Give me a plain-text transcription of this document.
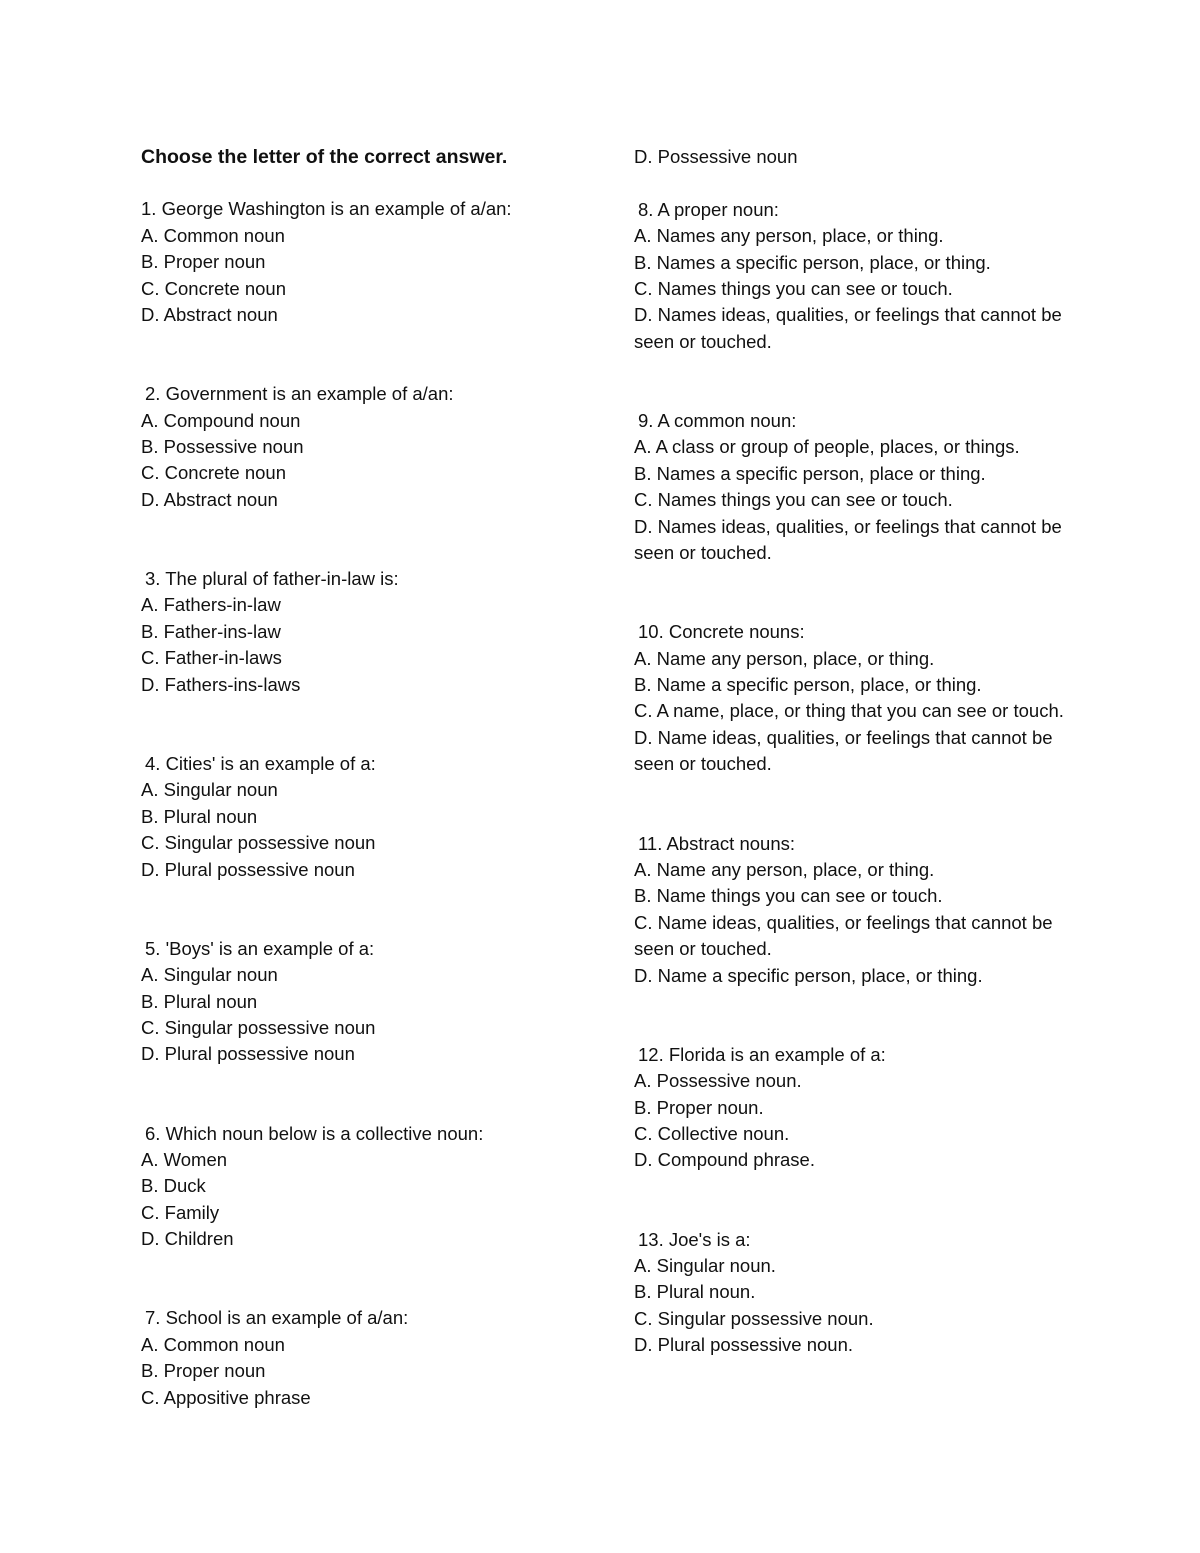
Choose the letter of the correct answer.

1. George Washington is an example of a/an:

A. Common noun

B. Proper noun

C. Concrete noun

D. Abstract noun

2. Government is an example of a/an:

A. Compound noun

B. Possessive noun

C. Concrete noun

D. Abstract noun

3. The plural of father-in-law is:

A. Fathers-in-law

B. Father-ins-law

C. Father-in-laws

D. Fathers-ins-laws

4. Cities' is an example of a:

A. Singular noun

B. Plural noun

C. Singular possessive noun

D. Plural possessive noun

5. 'Boys' is an example of a:

A. Singular noun

B. Plural noun

C. Singular possessive noun

D. Plural possessive noun

6. Which noun below is a collective noun:

A. Women

B. Duck

C. Family

D. Children

7. School is an example of a/an:

A. Common noun

B. Proper noun

C. Appositive phrase

D. Possessive noun

8. A proper noun:

A. Names any person, place, or thing.

B. Names a specific person, place, or thing.

C. Names things you can see or touch.

D. Names ideas, qualities, or feelings that cannot be seen or touched.

9. A common noun:

A. A class or group of people, places, or things.

B. Names a specific person, place or thing.

C. Names things you can see or touch.

D. Names ideas, qualities, or feelings that cannot be seen or touched.

10. Concrete nouns:

A. Name any person, place, or thing.

B. Name a specific person, place, or thing.

C. A name, place, or thing that you can see or touch.

D. Name ideas, qualities, or feelings that cannot be seen or touched.

11. Abstract nouns:

A. Name any person, place, or thing.

B. Name things you can see or touch.

C. Name ideas, qualities, or feelings that cannot be seen or touched.

D. Name a specific person, place, or thing.

12. Florida is an example of a:

A. Possessive noun.

B. Proper noun.

C. Collective noun.

D. Compound phrase.

13. Joe's is a:

A. Singular noun.

B. Plural noun.

C. Singular possessive noun.

D. Plural possessive noun.
